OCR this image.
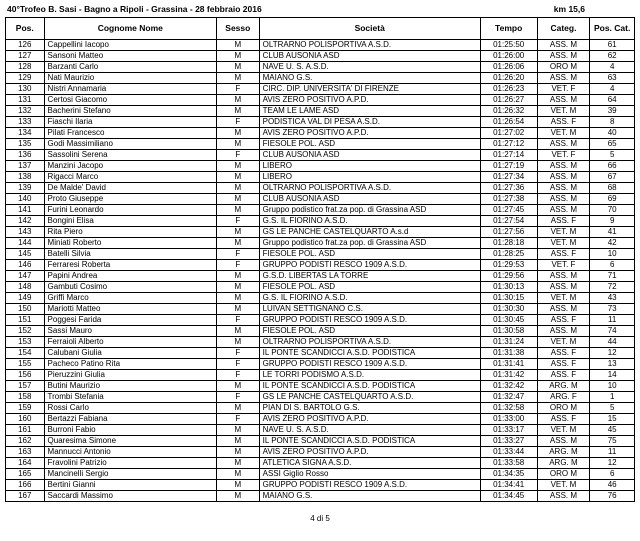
40°Trofeo B. Sasi - Bagno a Ripoli - Grassina - 28 febbraio 2016	km 15,6
Pos.	Cognome Nome	Sesso	Società	Tempo	Categ.	Pos. Cat.
126	Cappellini Iacopo	M	OLTRARNO POLISPORTIVA A.S.D.	01:25:50	ASS. M	61
127	Sansoni Matteo	M	CLUB AUSONIA ASD	01:26:00	ASS. M	62
128	Barzanti Carlo	M	NAVE U. S. A.S.D.	01:26:06	ORO M	4
129	Nati Maurizio	M	MAIANO G.S.	01:26:20	ASS. M	63
130	Nistri Annamaria	F	CIRC. DIP. UNIVERSITA' DI FIRENZE	01:26:23	VET. F	4
131	Certosi Giacomo	M	AVIS ZERO POSITIVO A.P.D.	01:26:27	ASS. M	64
132	Bacherini Stefano	M	TEAM LE LAME ASD	01:26:32	VET. M	39
133	Fiaschi Ilaria	F	PODISTICA VAL DI PESA A.S.D.	01:26:54	ASS. F	8
134	Pilati Francesco	M	AVIS ZERO POSITIVO A.P.D.	01:27:02	VET. M	40
135	Godi Massimiliano	M	FIESOLE POL. ASD	01:27:12	ASS. M	65
136	Sassolini Serena	F	CLUB AUSONIA ASD	01:27:14	VET. F	5
137	Manzini Jacopo	M	LIBERO	01:27:19	ASS. M	66
138	Rigacci Marco	M	LIBERO	01:27:34	ASS. M	67
139	De Malde' David	M	OLTRARNO POLISPORTIVA A.S.D.	01:27:36	ASS. M	68
140	Proto Giuseppe	M	CLUB AUSONIA ASD	01:27:38	ASS. M	69
141	Furini Leonardo	M	Gruppo podistico frat.za pop. di Grassina ASD	01:27:45	ASS. M	70
142	Bongini Elisa	F	G.S. IL FIORINO A.S.D.	01:27:54	ASS. F	9
143	Rita Piero	M	GS LE PANCHE CASTELQUARTO A.s.d	01:27:56	VET. M	41
144	Miniati Roberto	M	Gruppo podistico frat.za pop. di Grassina ASD	01:28:18	VET. M	42
145	Batelli Silvia	F	FIESOLE POL. ASD	01:28:25	ASS. F	10
146	Ferraresi Roberta	F	GRUPPO PODISTI RESCO 1909 A.S.D.	01:29:53	VET. F	6
147	Papini Andrea	M	G.S.D. LIBERTAS LA TORRE	01:29:56	ASS. M	71
148	Gambuti Cosimo	M	FIESOLE POL. ASD	01:30:13	ASS. M	72
149	Griffi Marco	M	G.S. IL FIORINO A.S.D.	01:30:15	VET. M	43
150	Mariotti Matteo	M	LUIVAN SETTIGNANO C.S.	01:30:30	ASS. M	73
151	Poggesi Farida	F	GRUPPO PODISTI RESCO 1909 A.S.D.	01:30:45	ASS. F	11
152	Sassi Mauro	M	FIESOLE POL. ASD	01:30:58	ASS. M	74
153	Ferraioli Alberto	M	OLTRARNO POLISPORTIVA A.S.D.	01:31:24	VET. M	44
154	Calubani Giulia	F	IL PONTE SCANDICCI A.S.D. PODISTICA	01:31:38	ASS. F	12
155	Pacheco Patino Rita	F	GRUPPO PODISTI RESCO 1909 A.S.D.	01:31:41	ASS. F	13
156	Pieruzzini Giulia	F	LE TORRI PODISMO A.S.D.	01:31:42	ASS. F	14
157	Butini Maurizio	M	IL PONTE SCANDICCI A.S.D. PODISTICA	01:32:42	ARG. M	10
158	Trombi Stefania	F	GS LE PANCHE CASTELQUARTO A.S.D.	01:32:47	ARG. F	1
159	Rossi Carlo	M	PIAN DI S. BARTOLO G.S.	01:32:58	ORO M	5
160	Bertazzi Fabiana	F	AVIS ZERO POSITIVO A.P.D.	01:33:00	ASS. F	15
161	Burroni Fabio	M	NAVE U. S. A.S.D.	01:33:17	VET. M	45
162	Quaresima Simone	M	IL PONTE SCANDICCI A.S.D. PODISTICA	01:33:27	ASS. M	75
163	Mannucci Antonio	M	AVIS ZERO POSITIVO A.P.D.	01:33:44	ARG. M	11
164	Fravolini Patrizio	M	ATLETICA SIGNA A.S.D.	01:33:58	ARG. M	12
165	Mancinelli Sergio	M	ASSI Giglio Rosso	01:34:35	ORO M	6
166	Bertini Gianni	M	GRUPPO PODISTI RESCO 1909 A.S.D.	01:34:41	VET. M	46
167	Saccardi Massimo	M	MAIANO G.S.	01:34:45	ASS. M	76
4 di 5
